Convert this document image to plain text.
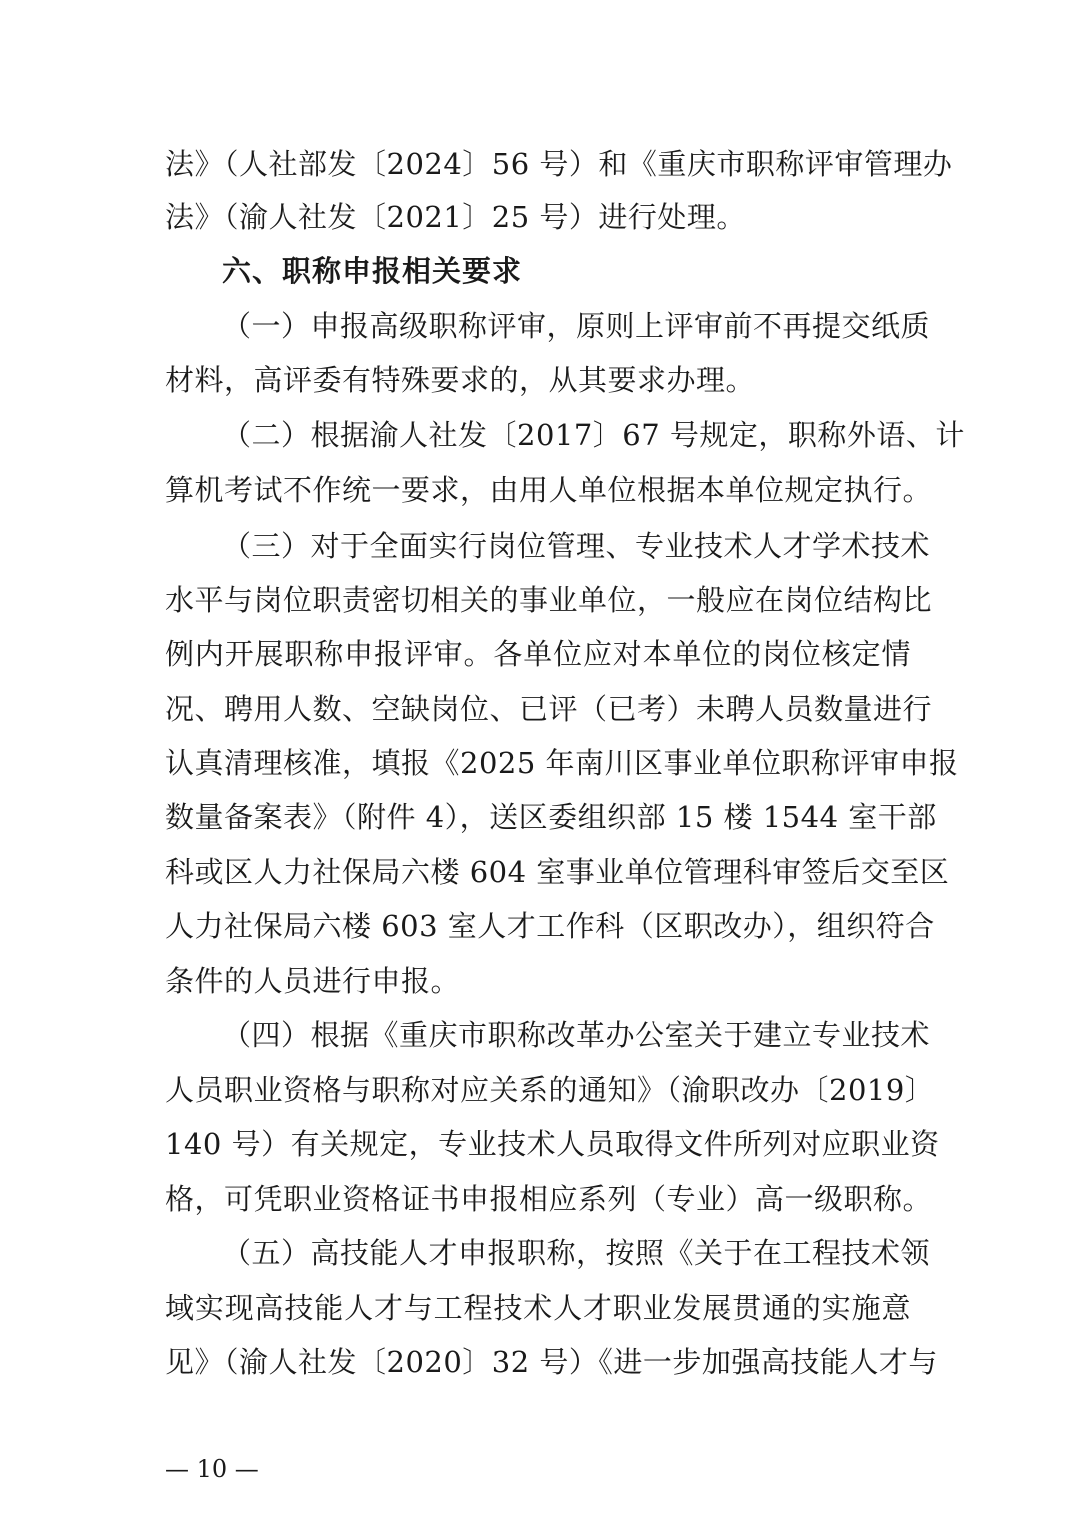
法》（人社部发〔2024〕56 号）和《重庆市职称评审管理办
法》（渝人社发〔2021〕25 号）进行处理。
六、职称申报相关要求
（一）申报高级职称评审，原则上评审前不再提交纸质
材料，高评委有特殊要求的，从其要求办理。
（二）根据渝人社发〔2017〕67 号规定，职称外语、计
算机考试不作统一要求，由用人单位根据本单位规定执行。
（三）对于全面实行岗位管理、专业技术人才学术技术
水平与岗位职责密切相关的事业单位，一般应在岗位结构比
例内开展职称申报评审。各单位应对本单位的岗位核定情
况、聘用人数、空缺岗位、已评（已考）未聘人员数量进行
认真清理核准，填报《2025 年南川区事业单位职称评审申报
数量备案表》（附件 4），送区委组织部 15 楼 1544 室干部
科或区人力社保局六楼 604 室事业单位管理科审签后交至区
人力社保局六楼 603 室人才工作科（区职改办），组织符合
条件的人员进行申报。
（四）根据《重庆市职称改革办公室关于建立专业技术
人员职业资格与职称对应关系的通知》（渝职改办〔2019〕
140 号）有关规定，专业技术人员取得文件所列对应职业资
格，可凭职业资格证书申报相应系列（专业）高一级职称。
（五）高技能人才申报职称，按照《关于在工程技术领
域实现高技能人才与工程技术人才职业发展贯通的实施意
见》（渝人社发〔2020〕32 号）《进一步加强高技能人才与
— 10 —
